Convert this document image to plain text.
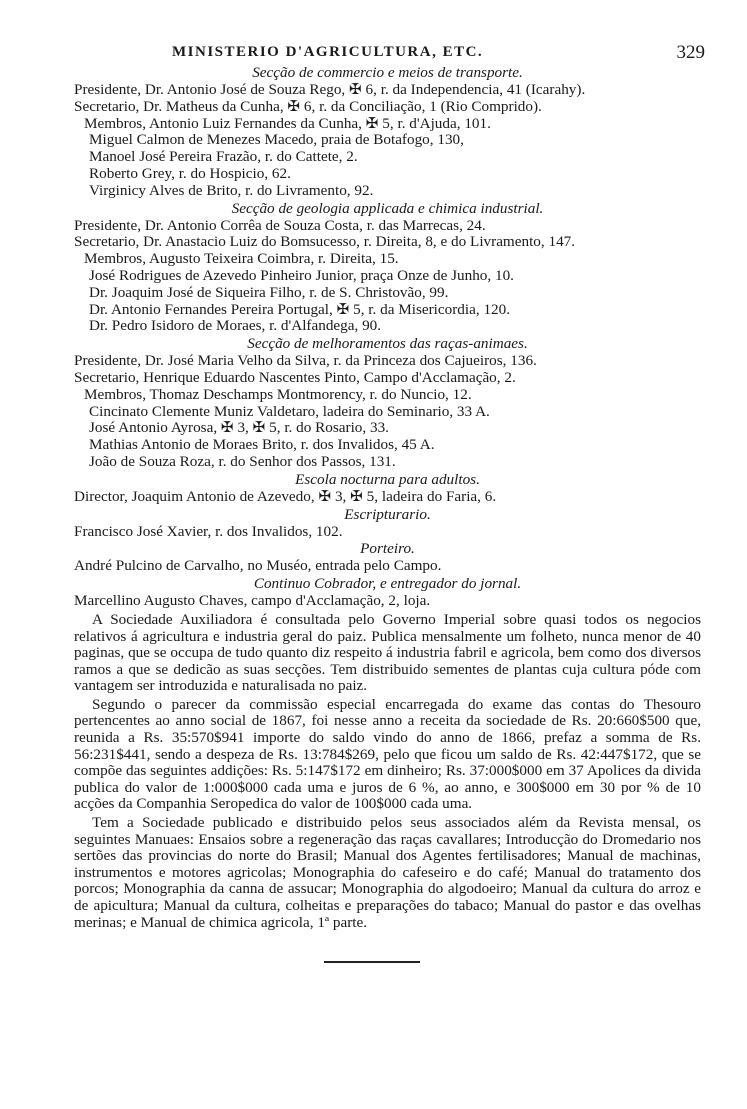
MINISTERIO D'AGRICULTURA, ETC.	329
Secção de commercio e meios de transporte.
Presidente, Dr. Antonio José de Souza Rego, ✠ 6, r. da Independencia, 41 (Icarahy).
Secretario, Dr. Matheus da Cunha, ✠ 6, r. da Conciliação, 1 (Rio Comprido).
Membros, Antonio Luiz Fernandes da Cunha, ✠ 5, r. d'Ajuda, 101.
Miguel Calmon de Menezes Macedo, praia de Botafogo, 130,
Manoel José Pereira Frazão, r. do Cattete, 2.
Roberto Grey, r. do Hospicio, 62.
Virginicy Alves de Brito, r. do Livramento, 92.
Secção de geologia applicada e chimica industrial.
Presidente, Dr. Antonio Corrêa de Souza Costa, r. das Marrecas, 24.
Secretario, Dr. Anastacio Luiz do Bomsucesso, r. Direita, 8, e do Livramento, 147.
Membros, Augusto Teixeira Coimbra, r. Direita, 15.
José Rodrigues de Azevedo Pinheiro Junior, praça Onze de Junho, 10.
Dr. Joaquim José de Siqueira Filho, r. de S. Christovão, 99.
Dr. Antonio Fernandes Pereira Portugal, ✠ 5, r. da Misericordia, 120.
Dr. Pedro Isidoro de Moraes, r. d'Alfandega, 90.
Secção de melhoramentos das raças-animaes.
Presidente, Dr. José Maria Velho da Silva, r. da Princeza dos Cajueiros, 136.
Secretario, Henrique Eduardo Nascentes Pinto, Campo d'Acclamação, 2.
Membros, Thomaz Deschamps Montmorency, r. do Nuncio, 12.
Cincinato Clemente Muniz Valdetaro, ladeira do Seminario, 33 A.
José Antonio Ayrosa, ✠ 3, ✠ 5, r. do Rosario, 33.
Mathias Antonio de Moraes Brito, r. dos Invalidos, 45 A.
João de Souza Roza, r. do Senhor dos Passos, 131.
Escola nocturna para adultos.
Director, Joaquim Antonio de Azevedo, ✠ 3, ✠ 5, ladeira do Faria, 6.
Escripturario.
Francisco José Xavier, r. dos Invalidos, 102.
Porteiro.
André Pulcino de Carvalho, no Muséo, entrada pelo Campo.
Continuo Cobrador, e entregador do jornal.
Marcellino Augusto Chaves, campo d'Acclamação, 2, loja.

A Sociedade Auxiliadora é consultada pelo Governo Imperial sobre quasi todos os negocios relativos á agricultura e industria geral do paiz. Publica mensalmente um folheto, nunca menor de 40 paginas, que se occupa de tudo quanto diz respeito á industria fabril e agricola, bem como dos diversos ramos a que se dedicão as suas secções. Tem distribuido sementes de plantas cuja cultura póde com vantagem ser introduzida e naturalisada no paiz.

Segundo o parecer da commissão especial encarregada do exame das contas do Thesouro pertencentes ao anno social de 1867, foi nesse anno a receita da sociedade de Rs. 20:660$500 que, reunida a Rs. 35:570$941 importe do saldo vindo do anno de 1866, prefaz a somma de Rs. 56:231$441, sendo a despeza de Rs. 13:784$269, pelo que ficou um saldo de Rs. 42:447$172, que se compõe das seguintes addições: Rs. 5:147$172 em dinheiro; Rs. 37:000$000 em 37 Apolices da divida publica do valor de 1:000$000 cada uma e juros de 6 %, ao anno, e 300$000 em 30 por % de 10 acções da Companhia Seropedica do valor de 100$000 cada uma.

Tem a Sociedade publicado e distribuido pelos seus associados além da Revista mensal, os seguintes Manuaes: Ensaios sobre a regeneração das raças cavallares; Introducção do Dromedario nos sertões das provincias do norte do Brasil; Manual dos Agentes fertilisadores; Manual de machinas, instrumentos e motores agricolas; Monographia do cafeseiro e do café; Manual do tratamento dos porcos; Monographia da canna de assucar; Monographia do algodoeiro; Manual da cultura do arroz e de apicultura; Manual da cultura, colheitas e preparações do tabaco; Manual do pastor e das ovelhas merinas; e Manual de chimica agricola, 1ª parte.
